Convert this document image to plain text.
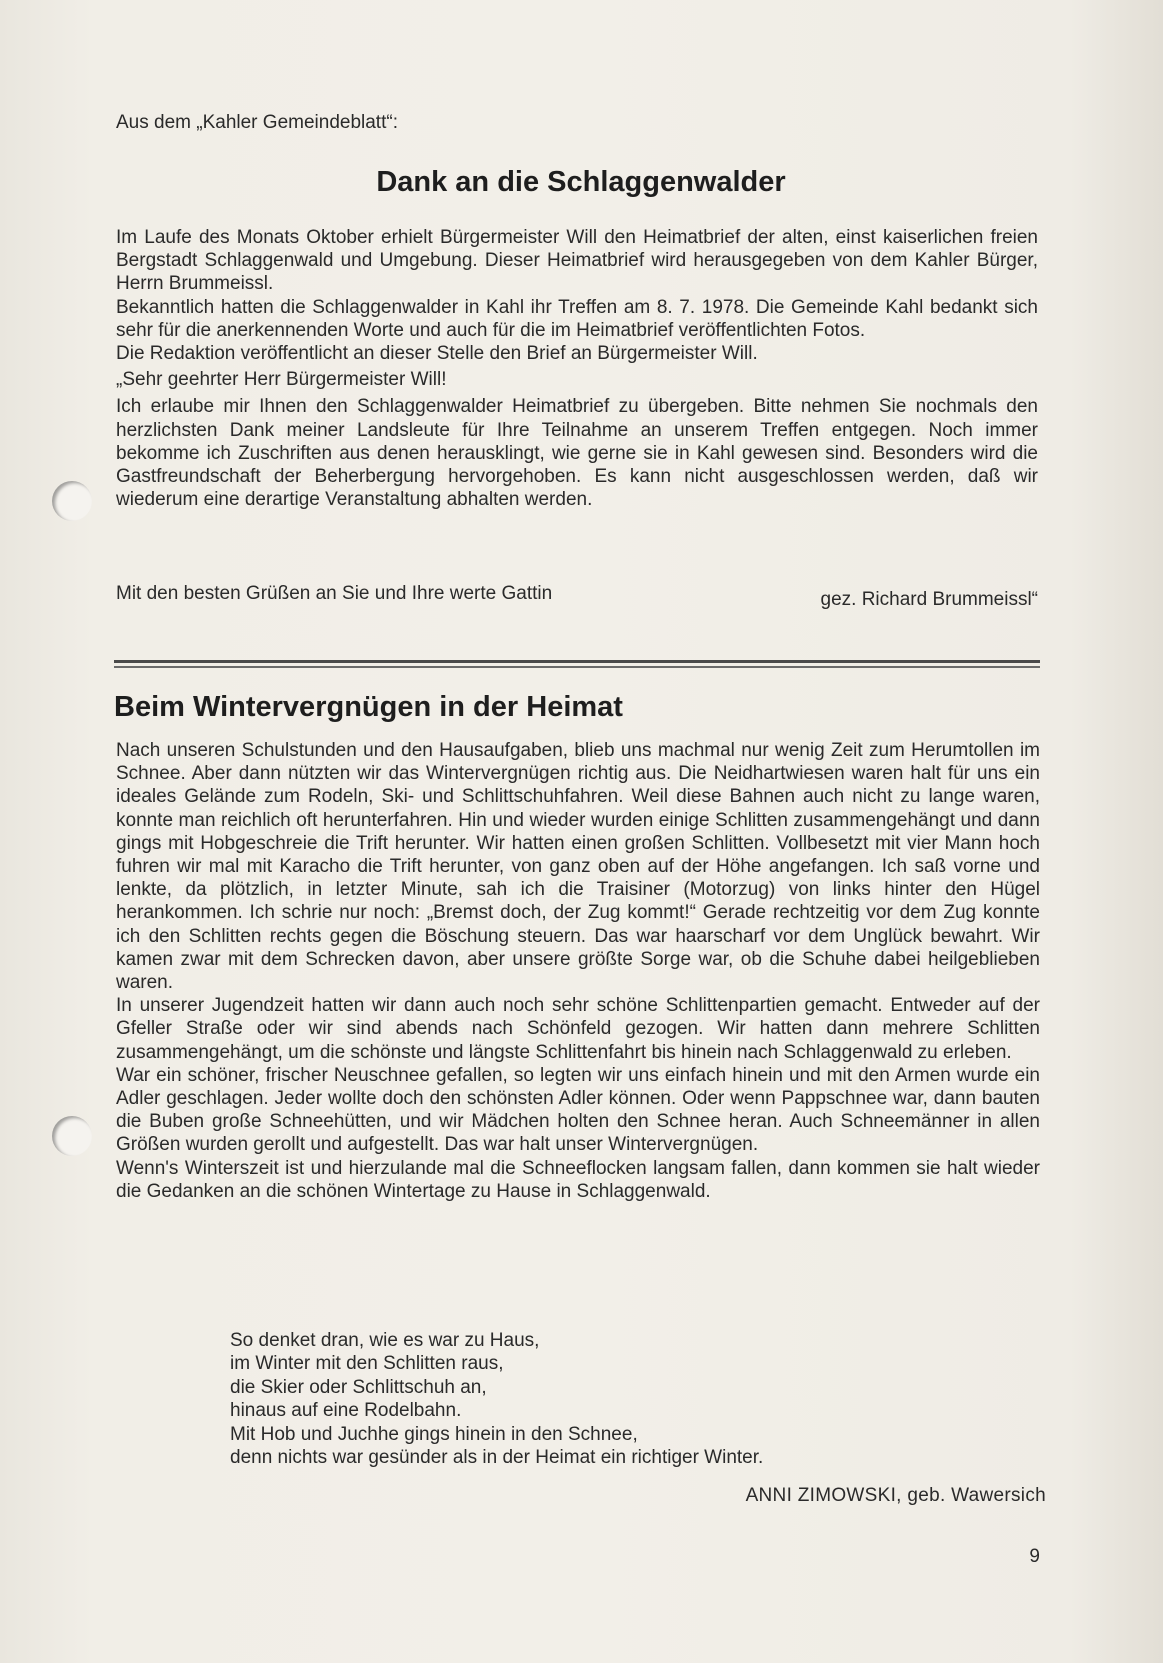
Aus dem „Kahler Gemeindeblatt“:
Dank an die Schlaggenwalder

Im Laufe des Monats Oktober erhielt Bürgermeister Will den Heimatbrief der alten, einst kaiserlichen freien Bergstadt Schlaggenwald und Umgebung. Dieser Heimatbrief wird herausgegeben von dem Kahler Bürger, Herrn Brummeissl.

Bekanntlich hatten die Schlaggenwalder in Kahl ihr Treffen am 8. 7. 1978. Die Gemeinde Kahl bedankt sich sehr für die anerkennenden Worte und auch für die im Heimatbrief veröffentlichten Fotos.

Die Redaktion veröffentlicht an dieser Stelle den Brief an Bürgermeister Will.

„Sehr geehrter Herr Bürgermeister Will!

Ich erlaube mir Ihnen den Schlaggenwalder Heimatbrief zu übergeben. Bitte nehmen Sie nochmals den herzlichsten Dank meiner Landsleute für Ihre Teilnahme an unserem Treffen entgegen. Noch immer bekomme ich Zuschriften aus denen herausklingt, wie gerne sie in Kahl gewesen sind. Besonders wird die Gastfreundschaft der Beherbergung hervorgehoben. Es kann nicht ausgeschlossen werden, daß wir wiederum eine derartige Veranstaltung abhalten werden.

Mit den besten Grüßen an Sie und Ihre werte Gattin	gez. Richard Brummeissl“
Beim Wintervergnügen in der Heimat

Nach unseren Schulstunden und den Hausaufgaben, blieb uns machmal nur wenig Zeit zum Herumtollen im Schnee. Aber dann nützten wir das Wintervergnügen richtig aus. Die Neidhartwiesen waren halt für uns ein ideales Gelände zum Rodeln, Ski- und Schlittschuhfahren. Weil diese Bahnen auch nicht zu lange waren, konnte man reichlich oft herunterfahren. Hin und wieder wurden einige Schlitten zusammengehängt und dann gings mit Hobgeschreie die Trift herunter. Wir hatten einen großen Schlitten. Vollbesetzt mit vier Mann hoch fuhren wir mal mit Karacho die Trift herunter, von ganz oben auf der Höhe angefangen. Ich saß vorne und lenkte, da plötzlich, in letzter Minute, sah ich die Traisiner (Motorzug) von links hinter den Hügel herankommen. Ich schrie nur noch: „Bremst doch, der Zug kommt!“ Gerade rechtzeitig vor dem Zug konnte ich den Schlitten rechts gegen die Böschung steuern. Das war haarscharf vor dem Unglück bewahrt. Wir kamen zwar mit dem Schrecken davon, aber unsere größte Sorge war, ob die Schuhe dabei heilgeblieben waren.

In unserer Jugendzeit hatten wir dann auch noch sehr schöne Schlittenpartien gemacht. Entweder auf der Gfeller Straße oder wir sind abends nach Schönfeld gezogen. Wir hatten dann mehrere Schlitten zusammengehängt, um die schönste und längste Schlittenfahrt bis hinein nach Schlaggenwald zu erleben.

War ein schöner, frischer Neuschnee gefallen, so legten wir uns einfach hinein und mit den Armen wurde ein Adler geschlagen. Jeder wollte doch den schönsten Adler können. Oder wenn Pappschnee war, dann bauten die Buben große Schneehütten, und wir Mädchen holten den Schnee heran. Auch Schneemänner in allen Größen wurden gerollt und aufgestellt. Das war halt unser Wintervergnügen.

Wenn's Winterszeit ist und hierzulande mal die Schneeflocken langsam fallen, dann kommen sie halt wieder die Gedanken an die schönen Wintertage zu Hause in Schlaggenwald.

So denket dran, wie es war zu Haus,
im Winter mit den Schlitten raus,
die Skier oder Schlittschuh an,
hinaus auf eine Rodelbahn.
Mit Hob und Juchhe gings hinein in den Schnee,
denn nichts war gesünder als in der Heimat ein richtiger Winter.
ANNI ZIMOWSKI, geb. Wawersich
9
